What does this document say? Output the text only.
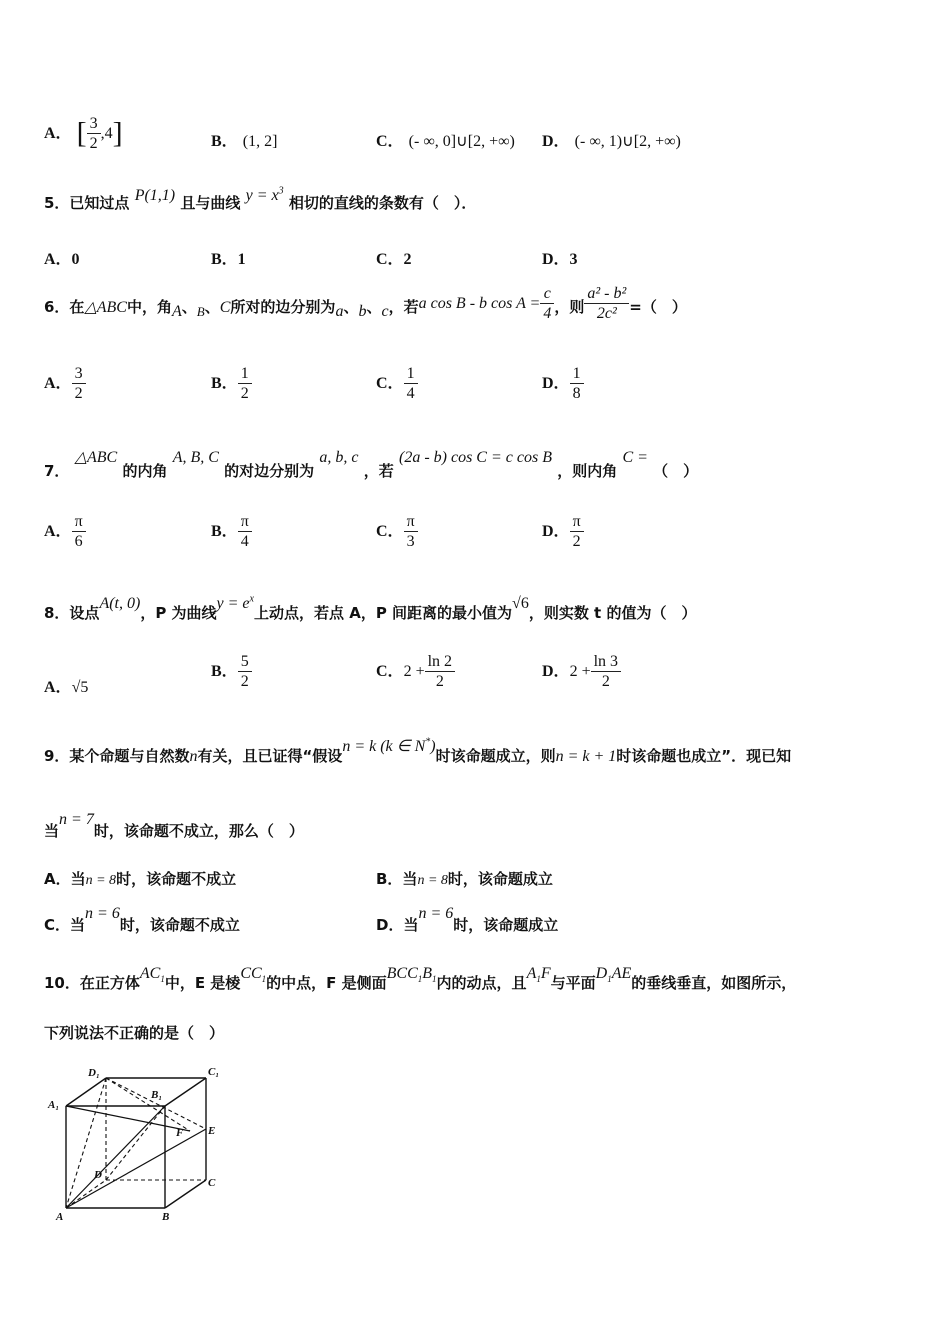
A． [ $\frac{3}{2} ,4$]	B． (1, 2]	C． (- ∞, 0]∪[2, +∞) D． (- ∞, 1)∪[2, +∞)
5．已知过点 P(1,1) 且与曲线 $y = x^3$ 相切的直线的条数有（　）．
A．0	B．1	C．2	D．3
6．在△ABC中，角A、B、C所对的边分别为a、b、c，若a cos B - b $\cos A = \frac{c}{4}$ ，则 $\frac{\text{a² - b²}}{\text{2c²}}$ =（　）
A． $\frac{3}{2}$	B． $\frac{1}{2}$	C． $\frac{1}{4}$	D． $\frac{1}{8}$
7． △ABC 的内角 A, B, C 的对边分别为 a, b, c ，若 (2a - b) cos C = c cos B ，则内角 C = （　）
A． $\frac{\pi}{6}$	B． $\frac{\pi}{4}$	C． $\frac{\pi}{3}$	D． $\frac{\pi}{2}$
8．设点A(t, 0)，P 为曲线$y = e^x$上动点，若点 A，P 间距离的最小值为√6，则实数 t 的值为（　）
A．√5
B． $\frac{5}{2}$	C．$2 + \frac{\ln 2}{2}$	D．$2 + \frac{\ln 3}{2}$
9．某个命题与自然数n有关，且已证得“假设n = k (k ∈ N*)时该命题成立，则n = k + 1时该命题也成立”．现已知
当n = 7时，该命题不成立，那么（　）
A．当n = 8时，该命题不成立	B．当n = 8时，该命题成立
C．当n = 6时，该命题不成立	D．当n = 6时，该命题成立
10．在正方体$AC_1$中，E 是棱$CC_1$的中点，F 是侧面$BCC_1B_1$内的动点，且$A_1F$与平面$D_1AE$的垂线垂直，如图所示，
下列说法不正确的是（　）
D₁	C₁
A₁
B₁
F E
D
C
A	B
